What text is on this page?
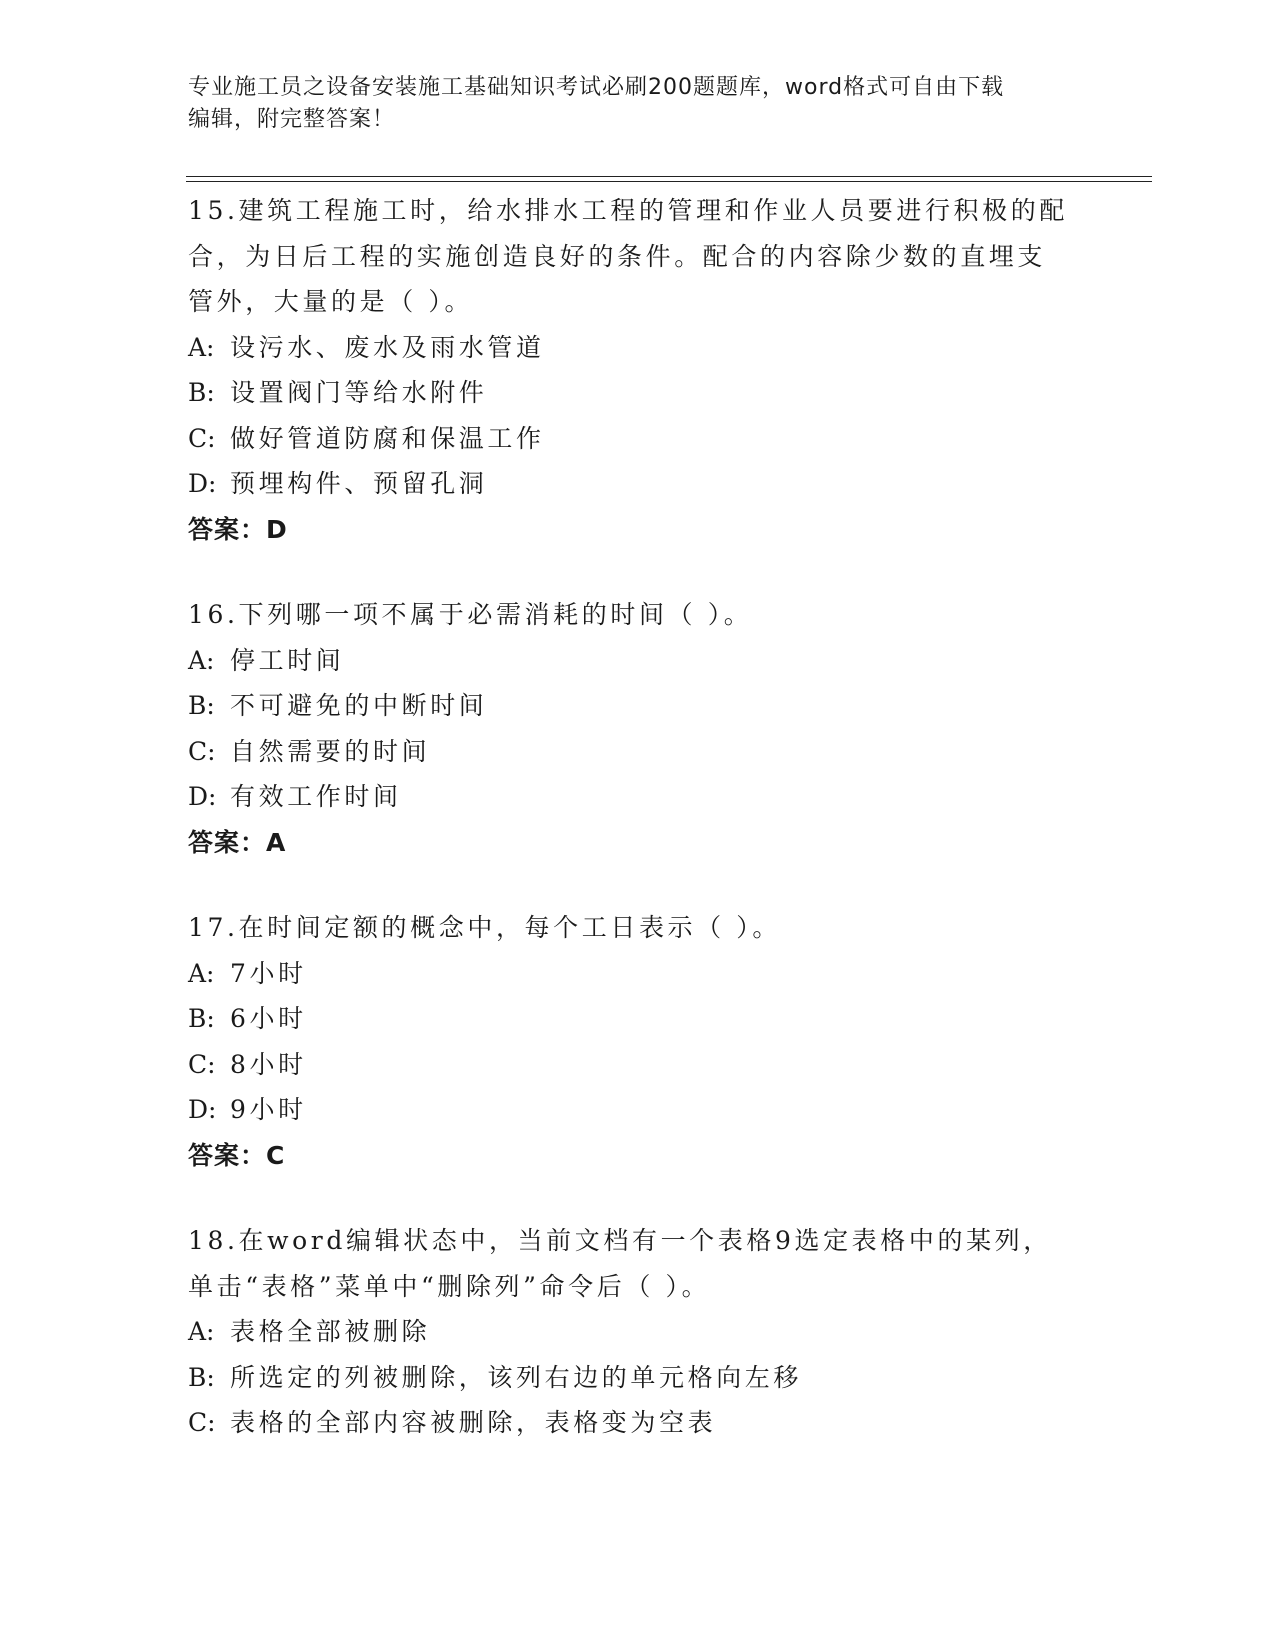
专业施工员之设备安装施工基础知识考试必刷200题题库，word格式可自由下载
编辑，附完整答案！
15.建筑工程施工时，给水排水工程的管理和作业人员要进行积极的配
合，为日后工程的实施创造良好的条件。配合的内容除少数的直埋支
管外，大量的是（ ）。
A: 设污水、废水及雨水管道
B: 设置阀门等给水附件
C: 做好管道防腐和保温工作
D: 预埋构件、预留孔洞
答案：D
16.下列哪一项不属于必需消耗的时间（ ）。
A: 停工时间
B: 不可避免的中断时间
C: 自然需要的时间
D: 有效工作时间
答案：A
17.在时间定额的概念中，每个工日表示（ ）。
A: 7小时
B: 6小时
C: 8小时
D: 9小时
答案：C
18.在word编辑状态中，当前文档有一个表格9选定表格中的某列，
单击“表格”菜单中“删除列”命令后（ ）。
A: 表格全部被删除
B: 所选定的列被删除，该列右边的单元格向左移
C: 表格的全部内容被删除，表格变为空表
